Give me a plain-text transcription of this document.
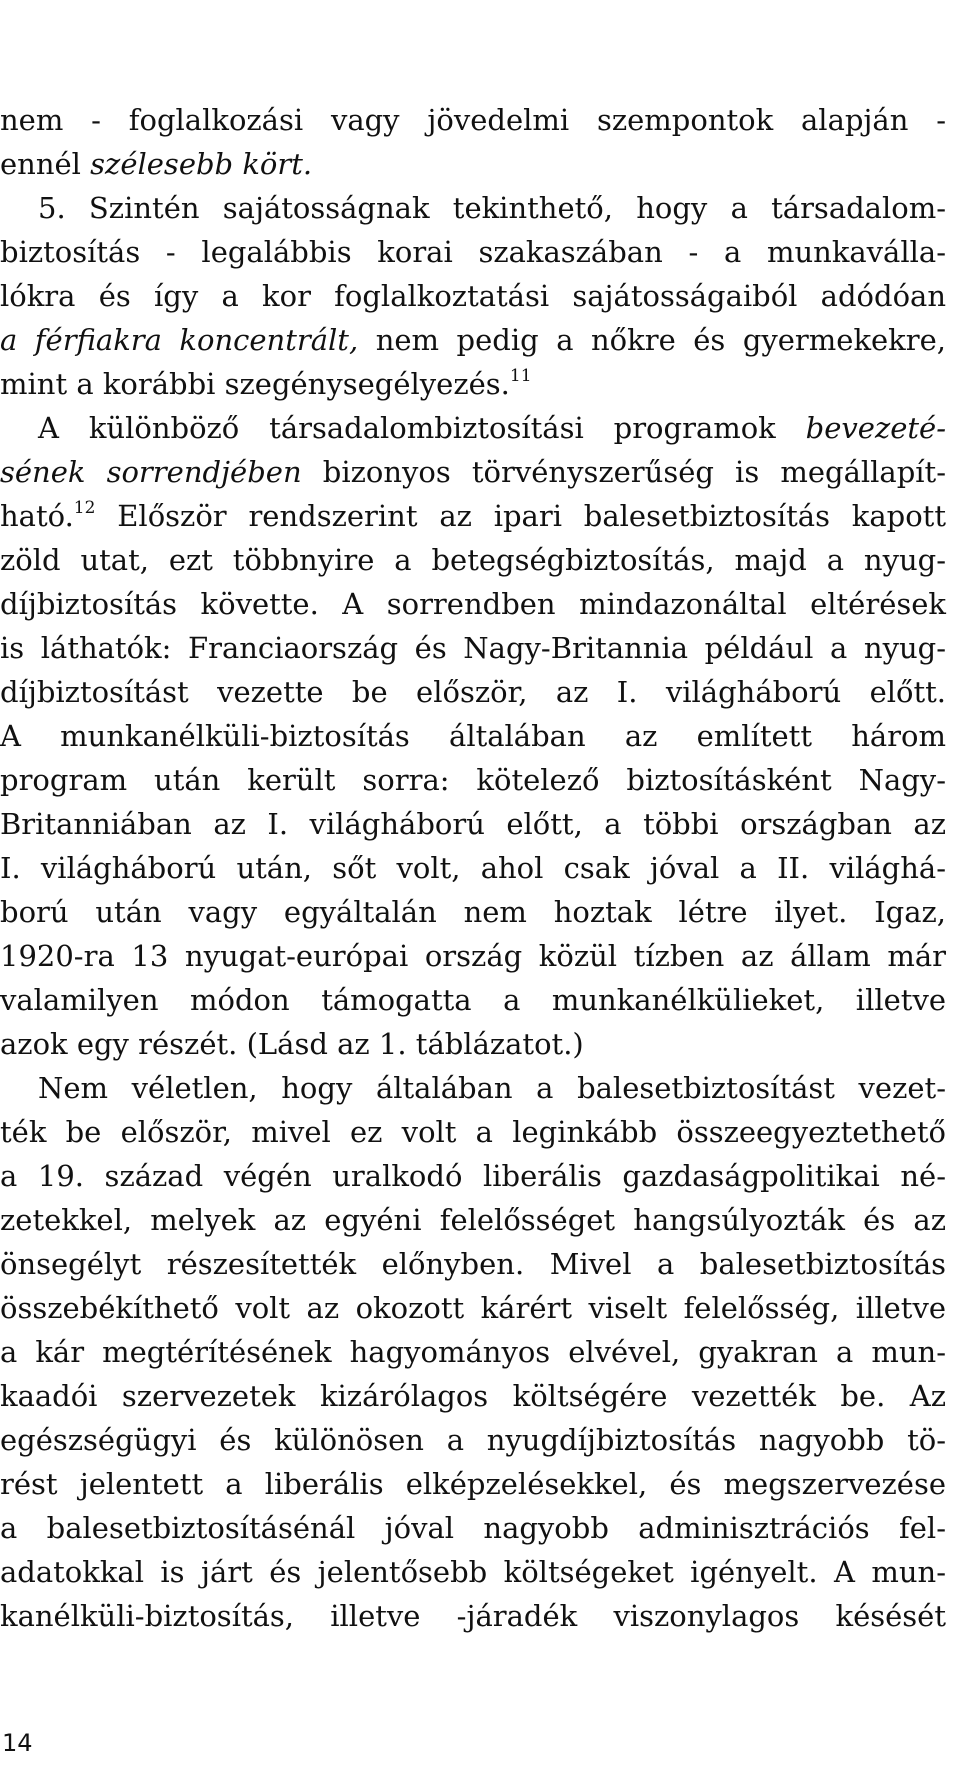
nem - foglalkozási vagy jövedelmi szempontok alapján -
ennél szélesebb kört.
5. Szintén sajátosságnak tekinthető, hogy a társadalom-
biztosítás - legalábbis korai szakaszában - a munkaválla-
lókra és így a kor foglalkoztatási sajátosságaiból adódóan
a férfiakra koncentrált, nem pedig a nőkre és gyermekekre,
mint a korábbi szegénysegélyezés.$^{11}$
A különböző társadalombiztosítási programok bevezeté-
sének sorrendjében bizonyos törvényszerűség is megállapít-
ható.$^{12}$ Először rendszerint az ipari balesetbiztosítás kapott
zöld utat, ezt többnyire a betegségbiztosítás, majd a nyug-
díjbiztosítás követte. A sorrendben mindazonáltal eltérések
is láthatók: Franciaország és Nagy-Britannia például a nyug-
díjbiztosítást vezette be először, az I. világháború előtt.
A munkanélküli-biztosítás általában az említett három
program után került sorra: kötelező biztosításként Nagy-
Britanniában az I. világháború előtt, a többi országban az
I. világháború után, sőt volt, ahol csak jóval a II. világhá-
ború után vagy egyáltalán nem hoztak létre ilyet. Igaz,
1920-ra 13 nyugat-európai ország közül tízben az állam már
valamilyen módon támogatta a munkanélkülieket, illetve
azok egy részét. (Lásd az 1. táblázatot.)
Nem véletlen, hogy általában a balesetbiztosítást vezet-
ték be először, mivel ez volt a leginkább összeegyeztethető
a 19. század végén uralkodó liberális gazdaságpolitikai né-
zetekkel, melyek az egyéni felelősséget hangsúlyozták és az
önsegélyt részesítették előnyben. Mivel a balesetbiztosítás
összebékíthető volt az okozott kárért viselt felelősség, illetve
a kár megtérítésének hagyományos elvével, gyakran a mun-
kaadói szervezetek kizárólagos költségére vezették be. Az
egészségügyi és különösen a nyugdíjbiztosítás nagyobb tö-
rést jelentett a liberális elképzelésekkel, és megszervezése
a balesetbiztosításénál jóval nagyobb adminisztrációs fel-
adatokkal is járt és jelentősebb költségeket igényelt. A mun-
kanélküli-biztosítás, illetve -járadék viszonylagos késését
14
